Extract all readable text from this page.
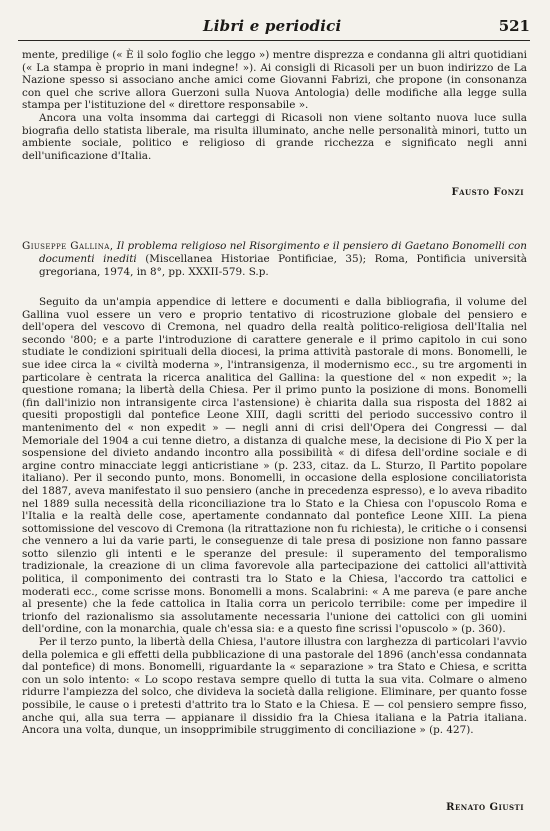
Libri e periodici	521

mente, predilige (« È il solo foglio che leggo ») mentre disprezza e condanna gli altri quotidiani (« La stampa è proprio in mani indegne! »). Ai consigli di Ricasoli per un buon indirizzo de La Nazione spesso si associano anche amici come Giovanni Fabrizi, che propone (in consonanza con quel che scrive allora Guerzoni sulla Nuova Antologia) delle modifiche alla legge sulla stampa per l'istituzione del « direttore responsabile ».

Ancora una volta insomma dai carteggi di Ricasoli non viene soltanto nuova luce sulla biografia dello statista liberale, ma risulta illuminato, anche nelle personalità minori, tutto un ambiente sociale, politico e religioso di grande ricchezza e significato negli anni dell'unificazione d'Italia.

Fausto Fonzi
Giuseppe Gallina, Il problema religioso nel Risorgimento e il pensiero di Gaetano Bonomelli con documenti inediti (Miscellanea Historiae Pontificiae, 35); Roma, Pontificia università gregoriana, 1974, in 8°, pp. XXXII-579. S.p.

Seguito da un'ampia appendice di lettere e documenti e dalla bibliografia, il volume del Gallina vuol essere un vero e proprio tentativo di ricostruzione globale del pensiero e dell'opera del vescovo di Cremona, nel quadro della realtà politico-religiosa dell'Italia nel secondo '800; e a parte l'introduzione di carattere generale e il primo capitolo in cui sono studiate le condizioni spirituali della diocesi, la prima attività pastorale di mons. Bonomelli, le sue idee circa la « civiltà moderna », l'intransigenza, il modernismo ecc., su tre argomenti in particolare è centrata la ricerca analitica del Gallina: la questione del « non expedit »; la questione romana; la libertà della Chiesa. Per il primo punto la posizione di mons. Bonomelli (fin dall'inizio non intransigente circa l'astensione) è chiarita dalla sua risposta del 1882 ai quesiti propostigli dal pontefice Leone XIII, dagli scritti del periodo successivo contro il mantenimento del « non expedit » — negli anni di crisi dell'Opera dei Congressi — dal Memoriale del 1904 a cui tenne dietro, a distanza di qualche mese, la decisione di Pio X per la sospensione del divieto andando incontro alla possibilità « di difesa dell'ordine sociale e di argine contro minacciate leggi anticristiane » (p. 233, citaz. da L. Sturzo, Il Partito popolare italiano). Per il secondo punto, mons. Bonomelli, in occasione della esplosione conciliatorista del 1887, aveva manifestato il suo pensiero (anche in precedenza espresso), e lo aveva ribadito nel 1889 sulla necessità della riconciliazione tra lo Stato e la Chiesa con l'opuscolo Roma e l'Italia e la realtà delle cose, apertamente condannato dal pontefice Leone XIII. La piena sottomissione del vescovo di Cremona (la ritrattazione non fu richiesta), le critiche o i consensi che vennero a lui da varie parti, le conseguenze di tale presa di posizione non fanno passare sotto silenzio gli intenti e le speranze del presule: il superamento del temporalismo tradizionale, la creazione di un clima favorevole alla partecipazione dei cattolici all'attività politica, il componimento dei contrasti tra lo Stato e la Chiesa, l'accordo tra cattolici e moderati ecc., come scrisse mons. Bonomelli a mons. Scalabrini: « A me pareva (e pare anche al presente) che la fede cattolica in Italia corra un pericolo terribile: come per impedire il trionfo del razionalismo sia assolutamente necessaria l'unione dei cattolici con gli uomini dell'ordine, con la monarchia, quale ch'essa sia: e a questo fine scrissi l'opuscolo » (p. 360).

Per il terzo punto, la libertà della Chiesa, l'autore illustra con larghezza di particolari l'avvio della polemica e gli effetti della pubblicazione di una pastorale del 1896 (anch'essa condannata dal pontefice) di mons. Bonomelli, riguardante la « separazione » tra Stato e Chiesa, e scritta con un solo intento: « Lo scopo restava sempre quello di tutta la sua vita. Colmare o almeno ridurre l'ampiezza del solco, che divideva la società dalla religione. Eliminare, per quanto fosse possibile, le cause o i pretesti d'attrito tra lo Stato e la Chiesa. E — col pensiero sempre fisso, anche qui, alla sua terra — appianare il dissidio fra la Chiesa italiana e la Patria italiana. Ancora una volta, dunque, un insopprimibile struggimento di conciliazione » (p. 427).

Renato Giusti
